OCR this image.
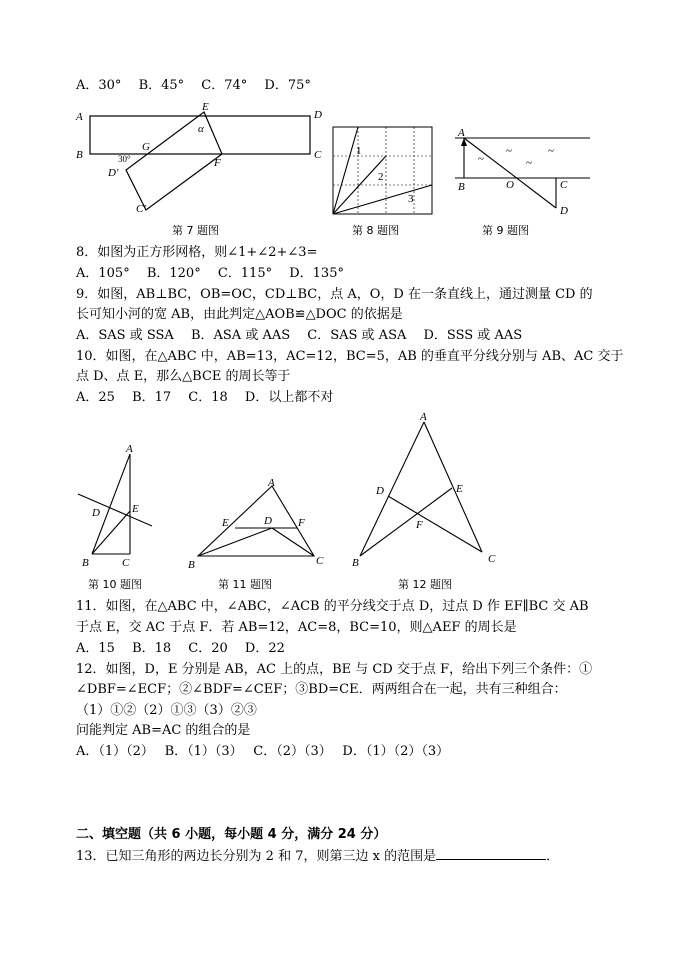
A．30°　 B．45°　 C．74°　 D．75°
A
B	C
D
E
F
G
D′
C′
α
30°
第 7 题图
1
2
3
第 8 题图
~
~
~
~
A
B	C
D
O
第 9 题图
8．如图为正方形网格，则∠1+∠2+∠3=
A．105°　 B．120°　 C．115°　 D．135°
9．如图，AB⊥BC，OB=OC，CD⊥BC，点 A，O，D 在一条直线上，通过测量 CD 的
长可知小河的宽 AB，由此判定△AOB≌△DOC 的依据是
A．SAS 或 SSA　 B．ASA 或 AAS　 C．SAS 或 ASA　 D．SSS 或 AAS
10．如图，在△ABC 中，AB=13，AC=12，BC=5，AB 的垂直平分线分别与 AB、AC 交于
点 D、点 E，那么△BCE 的周长等于
A．25　 B．17　 C．18　 D．以上都不对
A
B	C
D	E
第 10 题图
A
B	C
D
E	F
第 11 题图
A
B	C
D	E
F
第 12 题图
11．如图，在△ABC 中，∠ABC，∠ACB 的平分线交于点 D，过点 D 作 EF∥BC 交 AB
于点 E，交 AC 于点 F．若 AB=12，AC=8，BC=10，则△AEF 的周长是
A．15　 B．18　 C．20　 D．22
12．如图，D，E 分别是 AB，AC 上的点，BE 与 CD 交于点 F，给出下列三个条件：①
∠DBF=∠ECF；②∠BDF=∠CEF；③BD=CE．两两组合在一起，共有三种组合：
（1）①②（2）①③（3）②③
问能判定 AB=AC 的组合的是
A．（1）（2）　 B．（1）（3）　 C．（2）（3）　 D．（1）（2）（3）
二、填空题（共 6 小题，每小题 4 分，满分 24 分）
13．已知三角形的两边长分别为 2 和 7，则第三边 x 的范围是	．
